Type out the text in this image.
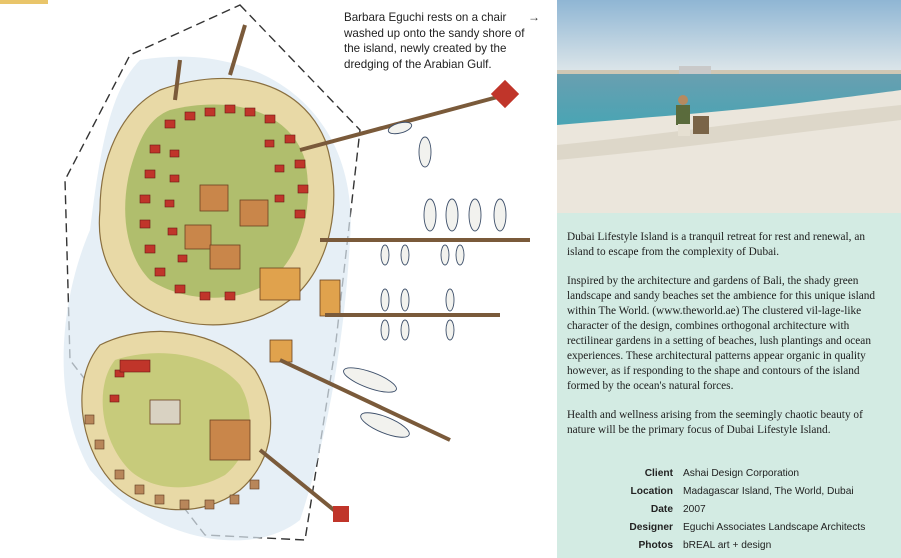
Barbara Eguchi rests on a chair washed up onto the sandy shore of the island, newly created by the dredging of the Arabian Gulf.
→

Dubai Lifestyle Island is a tranquil retreat for rest and renewal, an island to escape from the complexity of Dubai.

Inspired by the architecture and gardens of Bali, the shady green landscape and sandy beaches set the ambience for this unique island within The World. (www.theworld.ae) The clustered vil-lage-like character of the design, combines orthogonal architecture with rectilinear gardens in a setting of beaches, lush plantings and ocean experiences. These architectural patterns appear organic in quality however, as if responding to the shape and contours of the island formed by the ocean's natural forces.

Health and wellness arising from the seemingly chaotic beauty of nature will be the primary focus of Dubai Lifestyle Island.

Client Ashai Design Corporation
Location Madagascar Island, The World, Dubai
Date 2007
Designer Eguchi Associates Landscape Architects
Photos bREAL art + design
